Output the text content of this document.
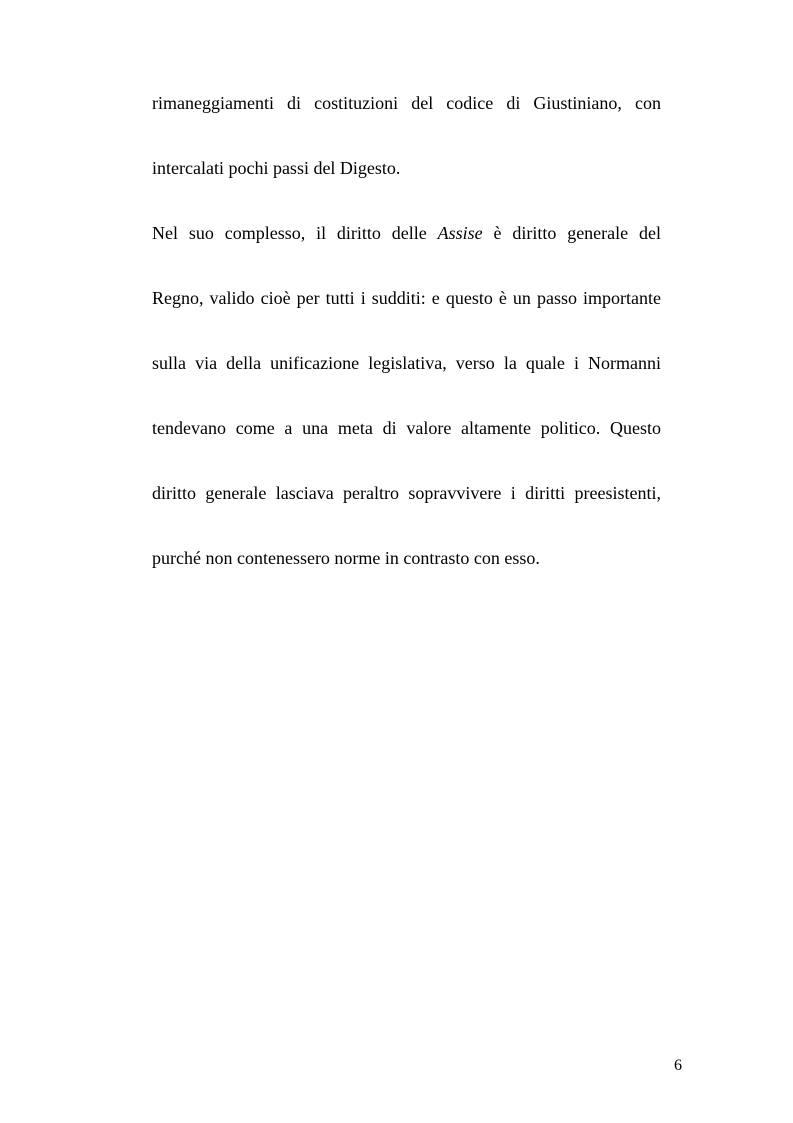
rimaneggiamenti di costituzioni del codice di Giustiniano, con
intercalati pochi passi del Digesto.
Nel suo complesso, il diritto delle Assise è diritto generale del
Regno, valido cioè per tutti i sudditi: e questo è un passo importante
sulla via della unificazione legislativa, verso la quale i Normanni
tendevano come a una meta di valore altamente politico. Questo
diritto generale lasciava peraltro sopravvivere i diritti preesistenti,
purché non contenessero norme in contrasto con esso.
6
